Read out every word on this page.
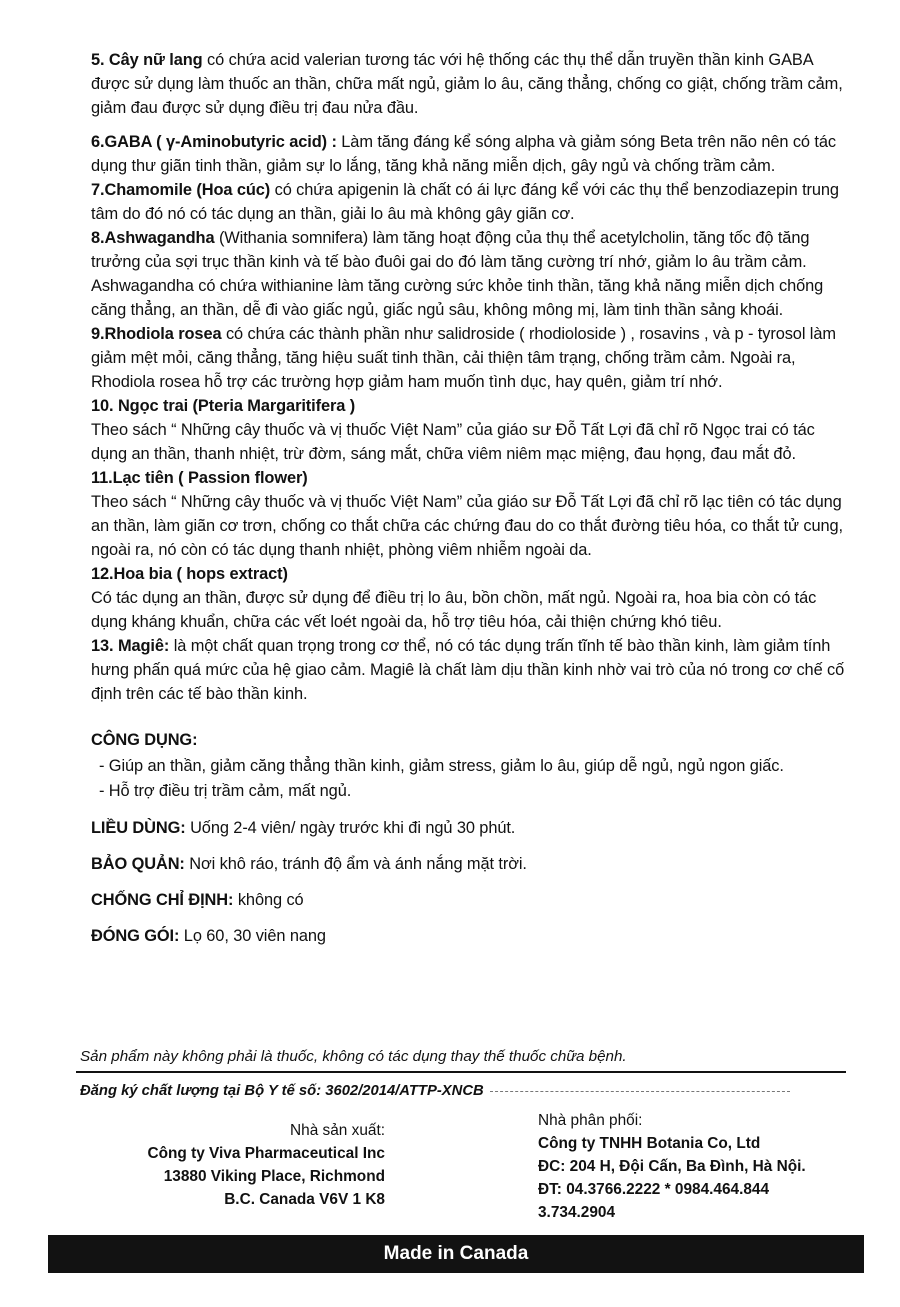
5. Cây nữ lang có chứa acid valerian tương tác với hệ thống các thụ thể dẫn truyền thần kinh GABA được sử dụng làm thuốc an thần, chữa mất ngủ, giảm lo âu, căng thẳng, chống co giật, chống trầm cảm, giảm đau được sử dụng điều trị đau nửa đầu.

6.GABA ( γ-Aminobutyric acid) : Làm tăng đáng kể sóng alpha và giảm sóng Beta trên não nên có tác dụng thư giãn tinh thần, giảm sự lo lắng, tăng khả năng miễn dịch, gây ngủ và chống trầm cảm.

7.Chamomile (Hoa cúc) có chứa apigenin là chất có ái lực đáng kể với các thụ thể benzodiazepin trung tâm do đó nó có tác dụng an thần, giải lo âu mà không gây giãn cơ.

8.Ashwagandha (Withania somnifera) làm tăng hoạt động của thụ thể acetylcholin, tăng tốc độ tăng trưởng của sợi trục thần kinh và tế bào đuôi gai do đó làm tăng cường trí nhớ, giảm lo âu trầm cảm.

Ashwagandha có chứa withianine làm tăng cường sức khỏe tinh thần, tăng khả năng miễn dịch chống căng thẳng, an thần, dễ đi vào giấc ngủ, giấc ngủ sâu, không mông mị, làm tinh thần sảng khoái.

9.Rhodiola rosea có chứa các thành phần như salidroside ( rhodioloside ) , rosavins , và p - tyrosol làm giảm mệt mỏi, căng thẳng, tăng hiệu suất tinh thần, cải thiện tâm trạng, chống trầm cảm. Ngoài ra, Rhodiola rosea hỗ trợ các trường hợp giảm ham muốn tình dục, hay quên, giảm trí nhớ.

10. Ngọc trai (Pteria Margaritifera )

Theo sách “ Những cây thuốc và vị thuốc Việt Nam” của giáo sư Đỗ Tất Lợi đã chỉ rõ Ngọc trai có tác dụng an thần, thanh nhiệt, trừ đờm, sáng mắt, chữa viêm niêm mạc miệng, đau họng, đau mắt đỏ.

11.Lạc tiên ( Passion flower)

Theo sách “ Những cây thuốc và vị thuốc Việt Nam” của giáo sư Đỗ Tất Lợi đã chỉ rõ lạc tiên có tác dụng an thần, làm giãn cơ trơn, chống co thắt chữa các chứng đau do co thắt đường tiêu hóa, co thắt tử cung, ngoài ra, nó còn có tác dụng thanh nhiệt, phòng viêm nhiễm ngoài da.

12.Hoa bia ( hops extract)

Có tác dụng an thần, được sử dụng để điều trị lo âu, bồn chồn, mất ngủ. Ngoài ra, hoa bia còn có tác dụng kháng khuẩn, chữa các vết loét ngoài da, hỗ trợ tiêu hóa, cải thiện chứng khó tiêu.

13. Magiê: là một chất quan trọng trong cơ thể, nó có tác dụng trấn tĩnh tế bào thần kinh, làm giảm tính hưng phấn quá mức của hệ giao cảm. Magiê là chất làm dịu thần kinh nhờ vai trò của nó trong cơ chế cố định trên các tế bào thần kinh.

CÔNG DỤNG:

- Giúp an thần, giảm căng thẳng thần kinh, giảm stress, giảm lo âu, giúp dễ ngủ, ngủ ngon giấc.
- Hỗ trợ điều trị trầm cảm, mất ngủ.

LIỀU DÙNG: Uống 2-4 viên/ ngày trước khi đi ngủ 30 phút.

BẢO QUẢN: Nơi khô ráo, tránh độ ẩm và ánh nắng mặt trời.

CHỐNG CHỈ ĐỊNH: không có

ĐÓNG GÓI: Lọ 60, 30 viên nang

Sản phẩm này không phải là thuốc, không có tác dụng thay thế thuốc chữa bệnh.
Đăng ký chất lượng tại Bộ Y tế số: 3602/2014/ATTP-XNCB
Nhà sản xuất:
Công ty Viva Pharmaceutical Inc
13880 Viking Place, Richmond
B.C. Canada V6V 1 K8
Nhà phân phối:
Công ty TNHH Botania Co, Ltd
ĐC: 204 H, Đội Cấn, Ba Đình, Hà Nội.
ĐT: 04.3766.2222 * 0984.464.844
3.734.2904
Made in Canada
